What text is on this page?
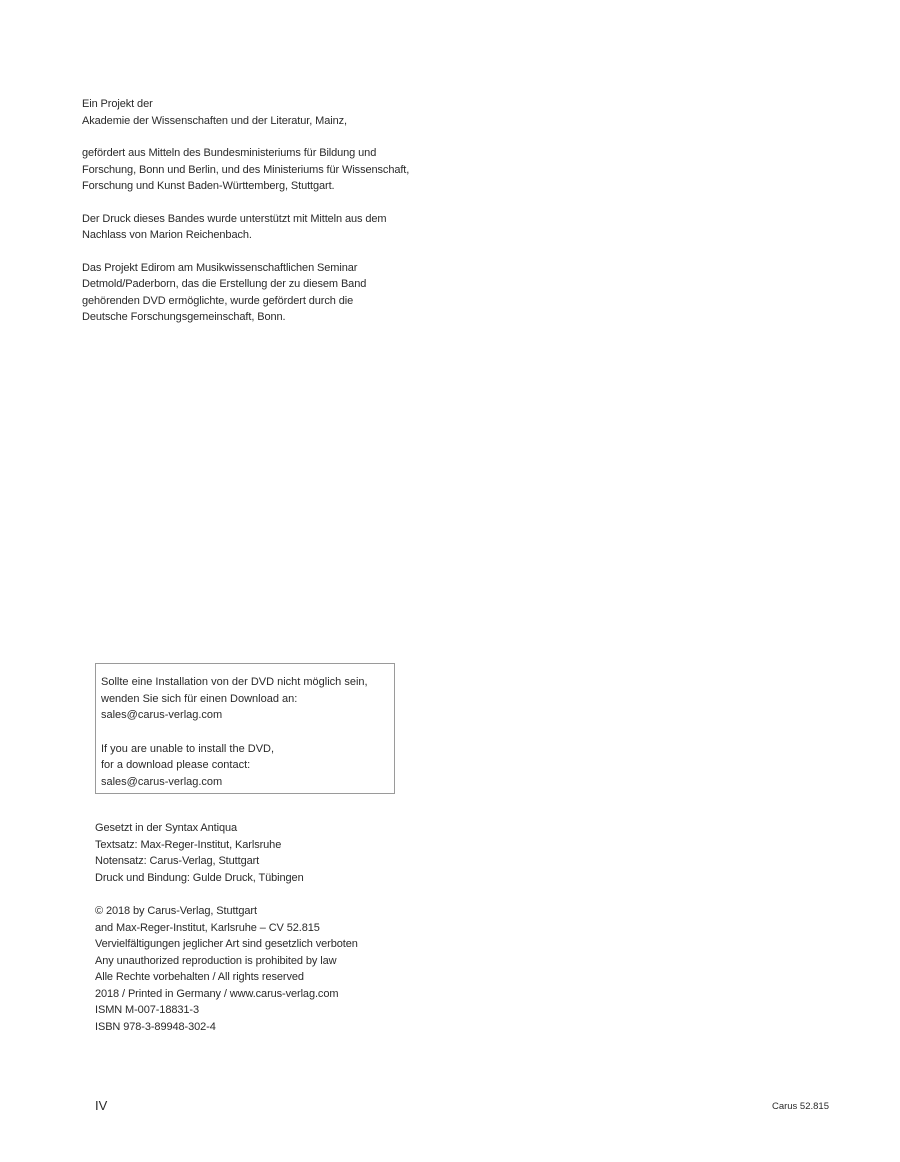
Ein Projekt der
Akademie der Wissenschaften und der Literatur, Mainz,
gefördert aus Mitteln des Bundesministeriums für Bildung und
Forschung, Bonn und Berlin, und des Ministeriums für Wissenschaft,
Forschung und Kunst Baden-Württemberg, Stuttgart.
Der Druck dieses Bandes wurde unterstützt mit Mitteln aus dem
Nachlass von Marion Reichenbach.
Das Projekt Edirom am Musikwissenschaftlichen Seminar
Detmold/Paderborn, das die Erstellung der zu diesem Band
gehörenden DVD ermöglichte, wurde gefördert durch die
Deutsche Forschungsgemeinschaft, Bonn.
Sollte eine Installation von der DVD nicht möglich sein,
wenden Sie sich für einen Download an:
sales@carus-verlag.com
If you are unable to install the DVD,
for a download please contact:
sales@carus-verlag.com
Gesetzt in der Syntax Antiqua
Textsatz: Max-Reger-Institut, Karlsruhe
Notensatz: Carus-Verlag, Stuttgart
Druck und Bindung: Gulde Druck, Tübingen
© 2018 by Carus-Verlag, Stuttgart
and Max-Reger-Institut, Karlsruhe – CV 52.815
Vervielfältigungen jeglicher Art sind gesetzlich verboten
Any unauthorized reproduction is prohibited by law
Alle Rechte vorbehalten / All rights reserved
2018 / Printed in Germany / www.carus-verlag.com
ISMN M-007-18831-3
ISBN 978-3-89948-302-4
IV	Carus 52.815
